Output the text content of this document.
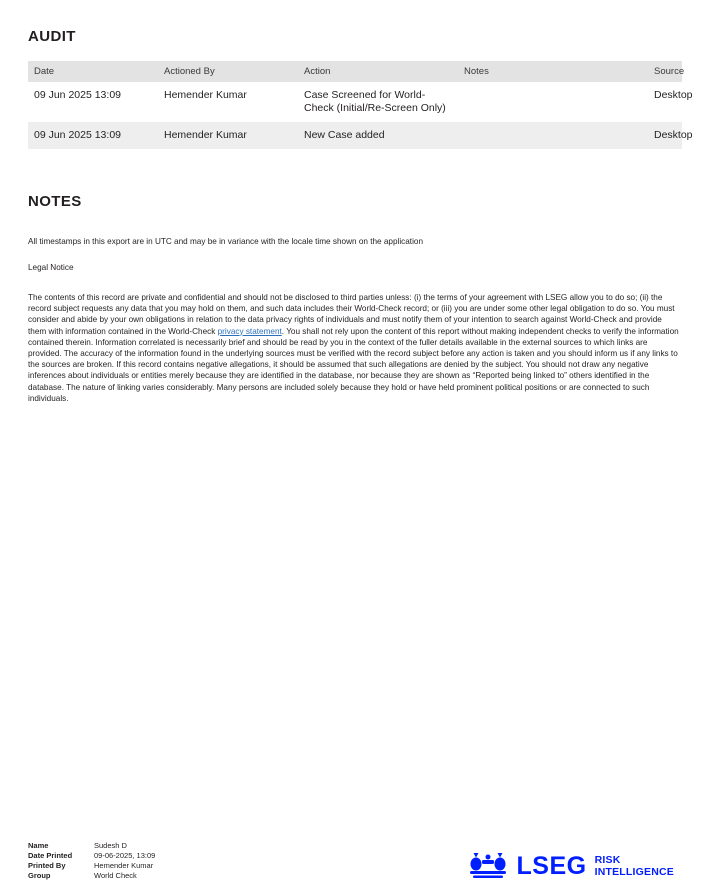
AUDIT
Date	Actioned By	Action	Notes	Source
09 Jun 2025 13:09	Hemender Kumar	Case Screened for World-Check (Initial/Re-Screen Only)		Desktop
09 Jun 2025 13:09	Hemender Kumar	New Case added		Desktop
NOTES

All timestamps in this export are in UTC and may be in variance with the locale time shown on the application

Legal Notice

The contents of this record are private and confidential and should not be disclosed to third parties unless: (i) the terms of your agreement with LSEG allow you to do so; (ii) the record subject requests any data that you may hold on them, and such data includes their World-Check record; or (iii) you are under some other legal obligation to do so. You must consider and abide by your own obligations in relation to the data privacy rights of individuals and must notify them of your intention to search against World-Check and provide them with information contained in the World-Check privacy statement. You shall not rely upon the content of this report without making independent checks to verify the information contained therein. Information correlated is necessarily brief and should be read by you in the context of the fuller details available in the external sources to which links are provided. The accuracy of the information found in the underlying sources must be verified with the record subject before any action is taken and you should inform us if any links to the sources are broken. If this record contains negative allegations, it should be assumed that such allegations are denied by the subject. You should not draw any negative inferences about individuals or entities merely because they are identified in the database, nor because they are shown as “Reported being linked to” others identified in the database. The nature of linking varies considerably. Many persons are included solely because they hold or have held prominent political positions or are connected to such individuals.

Name	Sudesh D
Date Printed	09-06-2025, 13:09
Printed By	Hemender Kumar
Group	World Check	LSEG RISK
INTELLIGENCE
